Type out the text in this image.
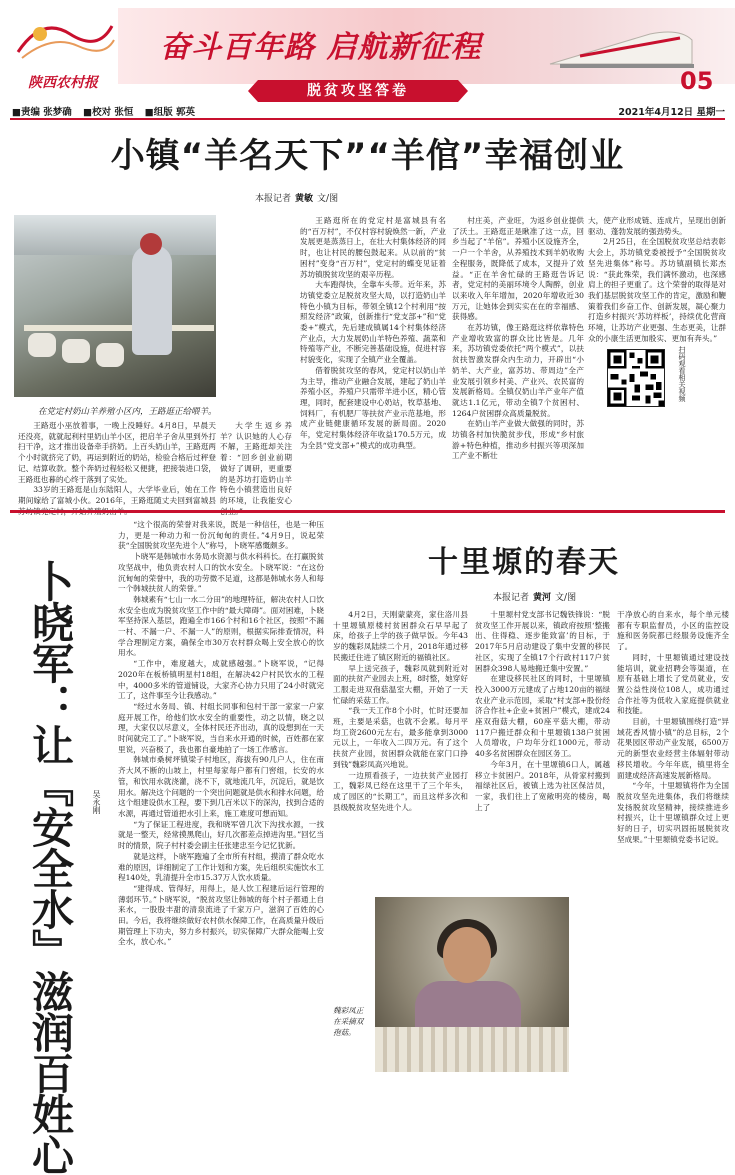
奋斗百年路 启航新征程
陕西农村报	05
脱贫攻坚答卷
■责编 张梦确 ■校对 张恒 ■组版 郭英	2021年4月12日 星期一
小镇“羊名天下”“羊倌”幸福创业
本报记者 黄敏 文/图
在党定村奶山羊养殖小区内，王路逛正给喂羊。

王路逛小巫放着事，一晚上没睡好。4月8日，早晨天还没亮，就就起利村里奶山羊小区，把启羊子舍从里到外打扫干净，这才推出设备牵手挤奶。上百头奶山羊，王路逛两个小时就挤完了奶，再运到附近的奶站，检验合格后过秤登记、结算收款。整个奔奶过程轻松又便捷，把接装进口袋，王路逛也暮的心终于落到了实处。

33岁的王路逛是山东陆阳人，大学毕业后，她在工作期间嫁给了富城小伙。2016年，王路逛随丈夫回到富城县

大学生返乡养羊？认识她的人心存不解，王路逛却关注着：“回乡创业前期做好了调研，更重要的是苏坊打造奶山羊特色小镇营造出良好的环境，让我能安心

王路逛所在的党定村是富城县有名的“百万村”，不仅村容村貌焕然一新，产业发展更是蒸蒸日上，在壮大村集体经济的同时，也让村民的腰包鼓起来。从以前的“贫困村”变身“百万村”，党定村的蝶变见证着苏坊镇脱贫攻坚的艰辛历程。

大车跑得快，全靠车头带。近年来，苏坊镇党委立足脱贫攻坚大局，以打造奶山羊特色小镇为目标，带领全镇12个村利用“按照发经济”政策，创新推行“党支部+”和“党委+”模式，先后建成镇属14个村集体经济产业点，大力发展奶山羊特色养殖、蔬菜和特殖等产业，不断完善基础设施，促进村容村貌变化，实现了全镇产业全覆盖。

借着脱贫攻坚的春风，党定村以奶山羊为主导，推动产业融合发展，建起了奶山羊养殖小区，养殖户只需带羊进小区，精心管理，同时，配套建设中心奶站，牧草基地、饲料厂，有机肥厂等扶贫产业示范基地，形成产业链健康循环发展的新局面。2020年，党定村集体经济年收益170.5万元，成为全县“党支部+”模式的成功典型。

村庄美，产业旺，为返乡创业提供了沃土。王路逛正是瞅准了这一点，回乡当起了“羊倌”。养殖小区设施齐全，一户一个羊舍，从养殖技术到羊奶收购全程服务，既降低了成本，又提升了效益。“正在羊舍忙碌的王路逛告诉记者，党定村的美丽环境令人陶醉，创业以来收入年年增加，2020年增收近30万元，让她体会到实实在在的幸福感、获得感。

在苏坊镇，像王路逛这样依靠特色产业增收致富的群众比比皆是。几年来，苏坊镇党委依托“两个模式”，以扶贫扶智激发群众内生动力，开辟出“小奶羊、大产业，富苏坊、带周边”全产业发展引领乡村美、产业兴、农民富的发展新格局。全镇仅奶山羊产业年产值就达1.1亿元，带动全镇7个贫困村、1264户贫困群众高质量脱贫。

在奶山羊产业做大做强的同时，苏坊镇各村加快脆贫步伐，形成“乡村旅游+特色种植，推动乡村振兴等项深加工产业不断壮

大，使产业形成链、连成片，呈现出创新驱动、蓬勃发展的强劲势头。

2月25日，在全国脱贫攻坚总结表彰大会上，苏坊镇党委被授予“全国脱贫攻坚先进集体”称号。苏坊镇副镇长郑杰说：“获此殊荣，我们满怀激动，也深感肩上的担子更重了。这个荣誉的取得是对我们基层脱贫攻坚工作的肯定，激励和鞭策着我们乡奋工作、创新发展，凝心聚力打造乡村振兴‘苏坊样板’，持续优化营商环境，让苏坊产业更强、生态更美，让群众的小康生活更加殷实、更加有奔头。”

扫码观看相关视频
卜晓军：让『安全水』滋润百姓心	吴永刚

“这个很高的荣誉对我来说，既是一种信任，也是一种压力，更是一种动力和一份沉甸甸的责任。”4月9日，说起荣获“全国脱贫攻坚先进个人”称号，卜晓军感慨颇多。

卜晓军是韩城市水务局水资源与供水科科长。在打赢脱贫攻坚战中，他负责农村人口的饮水安全。卜晓军说：“在这份沉甸甸的荣誉中，我的功劳微不足道，这都是韩城水务人和每一个韩城扶贫人的荣誉。”

韩城素有“七山一水二分田”的地理特征，解决农村人口饮水安全也成为脱贫攻坚工作中的“最大障碍”。面对困难，卜晓军坚持深入基层，跑遍全市166个村和16个社区，按照“不漏一村、不漏一户、不漏一人”的原则，根据实际排查情况，科学合理制定方案，确保全市30万农村群众喝上安全放心的饮用水。

“工作中，难度越大，成就感越强。”卜晓军说，“记得2020年在板桥镇明星村18组，在解决42户村民饮水的工程中，4000多米的管道铺设，大家齐心协力只用了24小时就完工了，这件事至今让我感动。”

“经过水务局、镇、村组长同事和包村干部一家家一户家庭开展工作，给他们饮水安全的重要性，动之以情，晓之以理，大家仅以尽意义，全体村民还齐出动，真的设想到在一天时间就完工了。”卜晓军说，当自来水开通的时候，百姓都在家里说，兴奋极了，我也都自豪地拍了一场工作感言。

韩城市桑树坪镇梁子村地区，海拔有90几户人，住在南齐大风不断的山坡上，村里每家每户都有门窖组，长安的水管，和饮用水就浇灌，浇不下，就地流几年，沉淀后，就是饮用水。解决这个问题的一个突出问题就是供水和排水问题，给这个组建设供水工程，要下到几百米以下的深沟，找到合适的水源，再通过管道把水引上来，施工难度可想而知。

“为了保证工程进度，我和晓军曾几次下沟找水源，一找就是一整天，经常摸黑爬山，好几次都差点掉进沟里。”回忆当时的情景，院子村村委会副主任张建忠至今记忆犹新。

就是这样，卜晓军跑遍了全市所有村组，摸清了群众吃水难的原因，详细制定了工作计划和方案，先后组织实施饮水工程140处，乳清提升全市15.37万人饮水质量。

“建得成、管得好，用得上，是人饮工程建后运行管理的薄弱环节。”卜晓军说，“脱贫攻坚让韩城的每个村子都通上自来水，一股股丰甜的清泉流进了千家万户，滋润了百姓的心田。今后，我将继续做好农村供水保障工作，在高质量升级后期管理上下功夫，努力乡村振兴，切实保障广大群众能喝上安全水，放心水。”

十里塬的春天
本报记者 黄河 文/图

4月2日，天刚蒙蒙亮，家住洛川县十里塬镇原楼村贫困群众石早早起了床，给孩子上学的孩子做早饭。今年43岁的魏彩凤陆续二个月，2018年通过移民搬迁住进了镇区附近的福镇社区。

早上送完孩子，魏彩凤就到附近对面的扶贫产业园去上班，8时整，她穿好工服走进双孢菇温室大棚，开始了一天忙碌的采菇工作。

“我一天工作8个小时，忙时还要加班，主要是采菇，也就不会累。每月平均工资2600元左右，最多能拿到3000元以上，一年收入二四万元。有了这个扶贫产业园，贫困群众就能在家门口挣到钱”魏彩凤高兴地说。

一边照看孩子，一边扶贫产业园打工，魏彩凤已经在这里干了三个年头，成了园区的“长期工”，而且这样多次和县级脱贫攻坚先进个人。

十里塬村党支部书记魏铁锋说：“脱贫攻坚工作开展以来，镇政府按照‘整搬出、住得稳、逐步能致富’的目标，于2017年5月启动建设了集中安置的移民社区，实现了全镇17个行政村117户贫困群众398人易地搬迁集中安置。”

在建设移民社区的同时，十里塬镇投入3000万元建成了占地120亩的福绿农业产业示范园，采取“村支部+股份经济合作社+企业+贫困户”模式，建成24座双孢菇大棚，60座平菇大棚，带动117户搬迁群众和十里塬镇138户贫困人员增收，户均年分红1000元，带动40多名贫困群众在园区务工。

今年3月，在十里塬镇6口人，属越移立卡贫困户。2018年，从骨家村搬到福绿社区后，被镇上选为社区保洁员，一家，我们往上了宽敞明亮的楼房，喝上了

干净放心的自来水，每个单元楼都有专职监督员，小区的监控设施和医务院都已经服务设施齐全了。

同时，十里塬镇通过建设技能培训，就业招聘会等渠道，在原有基础上增长了党员就业，安置公益性岗位108人，成功通过合作社等为低收入家庭提供就业和技能。

目前，十里塬镇围绕打造“异域花香风情小镇”的总目标，2个花果园区带动产业发展，6500万元的新型农业经营主体辐射带动移民增收。今年年底，镇里将全面建成经济高速发展新格局。

“今年，十里塬镇将作为全国脱贫攻坚先进集体，我们将继续发扬脱贫攻坚精神，接续推进乡村振兴，让十里塬镇群众过上更好的日子，切实巩固拓展脱贫攻坚成果。”十里塬镇党委书记说。

魏彩凤正在采摘双孢菇。
